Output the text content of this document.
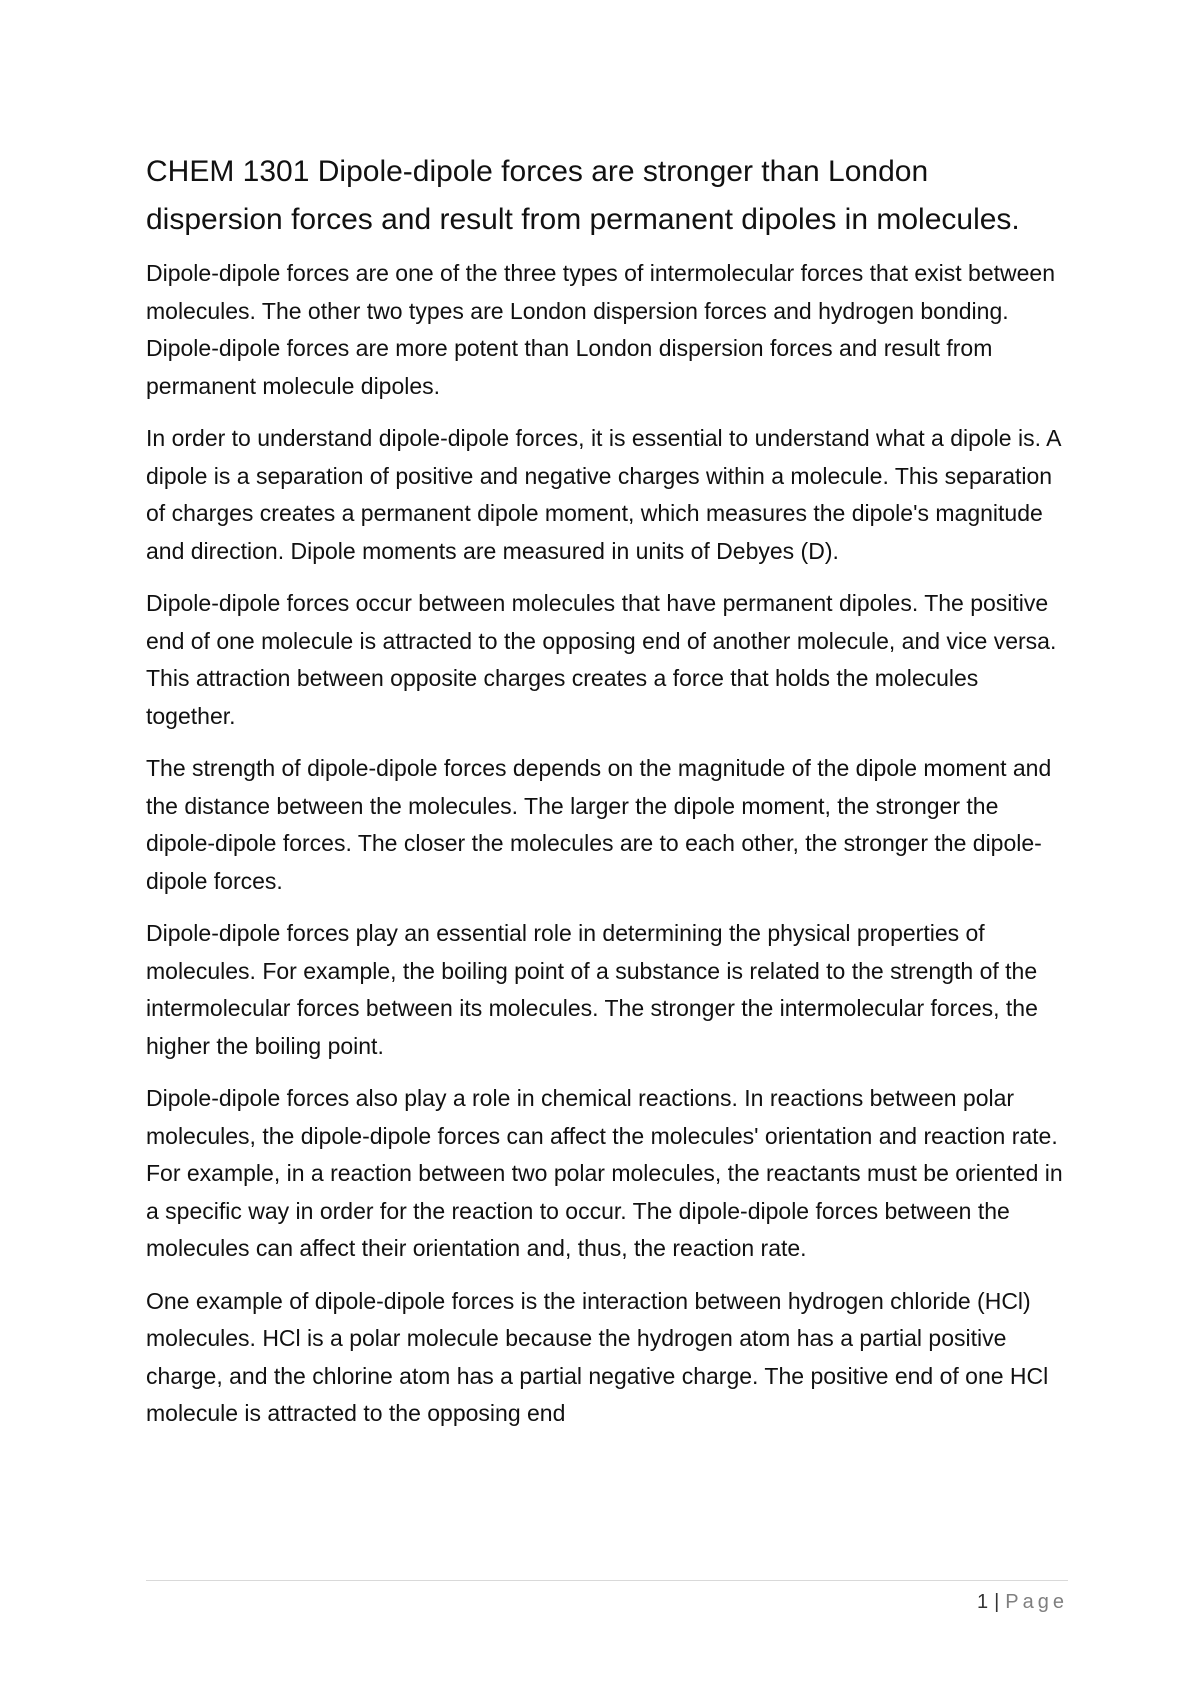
CHEM 1301 Dipole-dipole forces are stronger than London dispersion forces and result from permanent dipoles in molecules.

Dipole-dipole forces are one of the three types of intermolecular forces that exist between molecules. The other two types are London dispersion forces and hydrogen bonding. Dipole-dipole forces are more potent than London dispersion forces and result from permanent molecule dipoles.

In order to understand dipole-dipole forces, it is essential to understand what a dipole is. A dipole is a separation of positive and negative charges within a molecule. This separation of charges creates a permanent dipole moment, which measures the dipole's magnitude and direction. Dipole moments are measured in units of Debyes (D).

Dipole-dipole forces occur between molecules that have permanent dipoles. The positive end of one molecule is attracted to the opposing end of another molecule, and vice versa. This attraction between opposite charges creates a force that holds the molecules together.

The strength of dipole-dipole forces depends on the magnitude of the dipole moment and the distance between the molecules. The larger the dipole moment, the stronger the dipole-dipole forces. The closer the molecules are to each other, the stronger the dipole-dipole forces.

Dipole-dipole forces play an essential role in determining the physical properties of molecules. For example, the boiling point of a substance is related to the strength of the intermolecular forces between its molecules. The stronger the intermolecular forces, the higher the boiling point.

Dipole-dipole forces also play a role in chemical reactions. In reactions between polar molecules, the dipole-dipole forces can affect the molecules' orientation and reaction rate. For example, in a reaction between two polar molecules, the reactants must be oriented in a specific way in order for the reaction to occur. The dipole-dipole forces between the molecules can affect their orientation and, thus, the reaction rate.

One example of dipole-dipole forces is the interaction between hydrogen chloride (HCl) molecules. HCl is a polar molecule because the hydrogen atom has a partial positive charge, and the chlorine atom has a partial negative charge. The positive end of one HCl molecule is attracted to the opposing end

1 | Page
